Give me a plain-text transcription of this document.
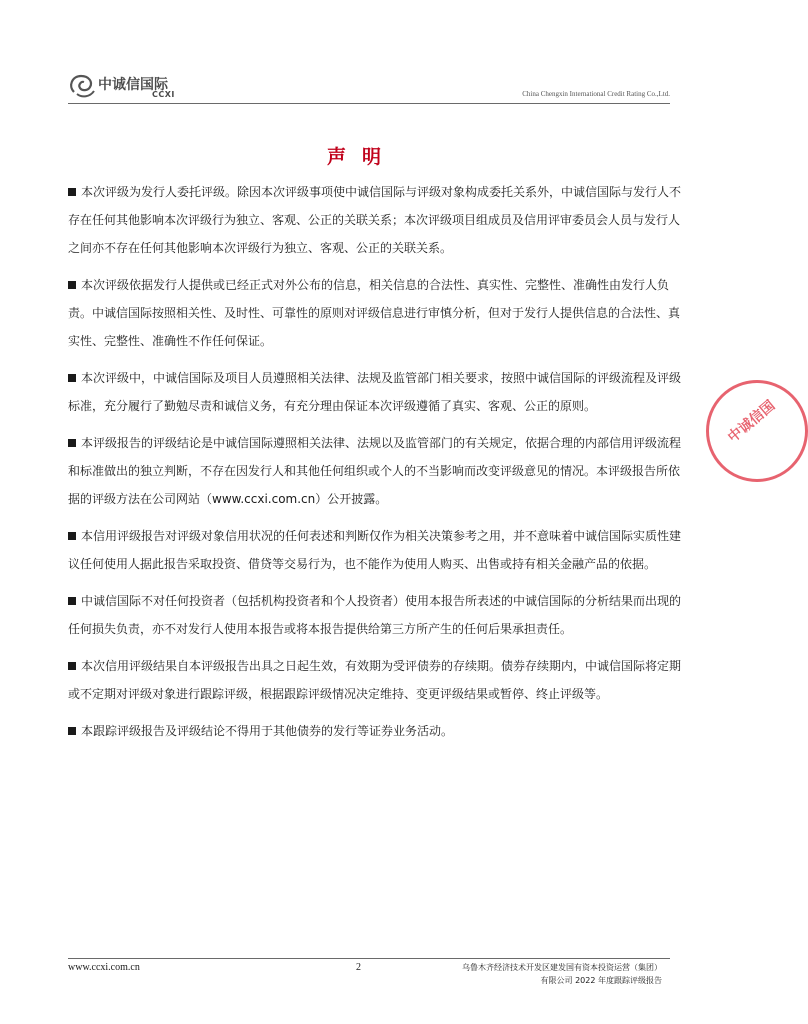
中诚信国际
CCXI	China Chengxin International Credit Rating Co.,Ltd.
声明

本次评级为发行人委托评级。除因本次评级事项使中诚信国际与评级对象构成委托关系外，中诚信国际与发行人不存在任何其他影响本次评级行为独立、客观、公正的关联关系；本次评级项目组成员及信用评审委员会人员与发行人之间亦不存在任何其他影响本次评级行为独立、客观、公正的关联关系。

本次评级依据发行人提供或已经正式对外公布的信息，相关信息的合法性、真实性、完整性、准确性由发行人负责。中诚信国际按照相关性、及时性、可靠性的原则对评级信息进行审慎分析，但对于发行人提供信息的合法性、真实性、完整性、准确性不作任何保证。

本次评级中，中诚信国际及项目人员遵照相关法律、法规及监管部门相关要求，按照中诚信国际的评级流程及评级标准，充分履行了勤勉尽责和诚信义务，有充分理由保证本次评级遵循了真实、客观、公正的原则。

本评级报告的评级结论是中诚信国际遵照相关法律、法规以及监管部门的有关规定，依据合理的内部信用评级流程和标准做出的独立判断，不存在因发行人和其他任何组织或个人的不当影响而改变评级意见的情况。本评级报告所依据的评级方法在公司网站（www.ccxi.com.cn）公开披露。

本信用评级报告对评级对象信用状况的任何表述和判断仅作为相关决策参考之用，并不意味着中诚信国际实质性建议任何使用人据此报告采取投资、借贷等交易行为，也不能作为使用人购买、出售或持有相关金融产品的依据。

中诚信国际不对任何投资者（包括机构投资者和个人投资者）使用本报告所表述的中诚信国际的分析结果而出现的任何损失负责，亦不对发行人使用本报告或将本报告提供给第三方所产生的任何后果承担责任。

本次信用评级结果自本评级报告出具之日起生效，有效期为受评债券的存续期。债券存续期内，中诚信国际将定期或不定期对评级对象进行跟踪评级，根据跟踪评级情况决定维持、变更评级结果或暂停、终止评级等。

本跟踪评级报告及评级结论不得用于其他债券的发行等证券业务活动。

中诚信国
www.ccxi.com.cn	2	乌鲁木齐经济技术开发区建发国有资本投资运营（集团）
有限公司 2022 年度跟踪评级报告
